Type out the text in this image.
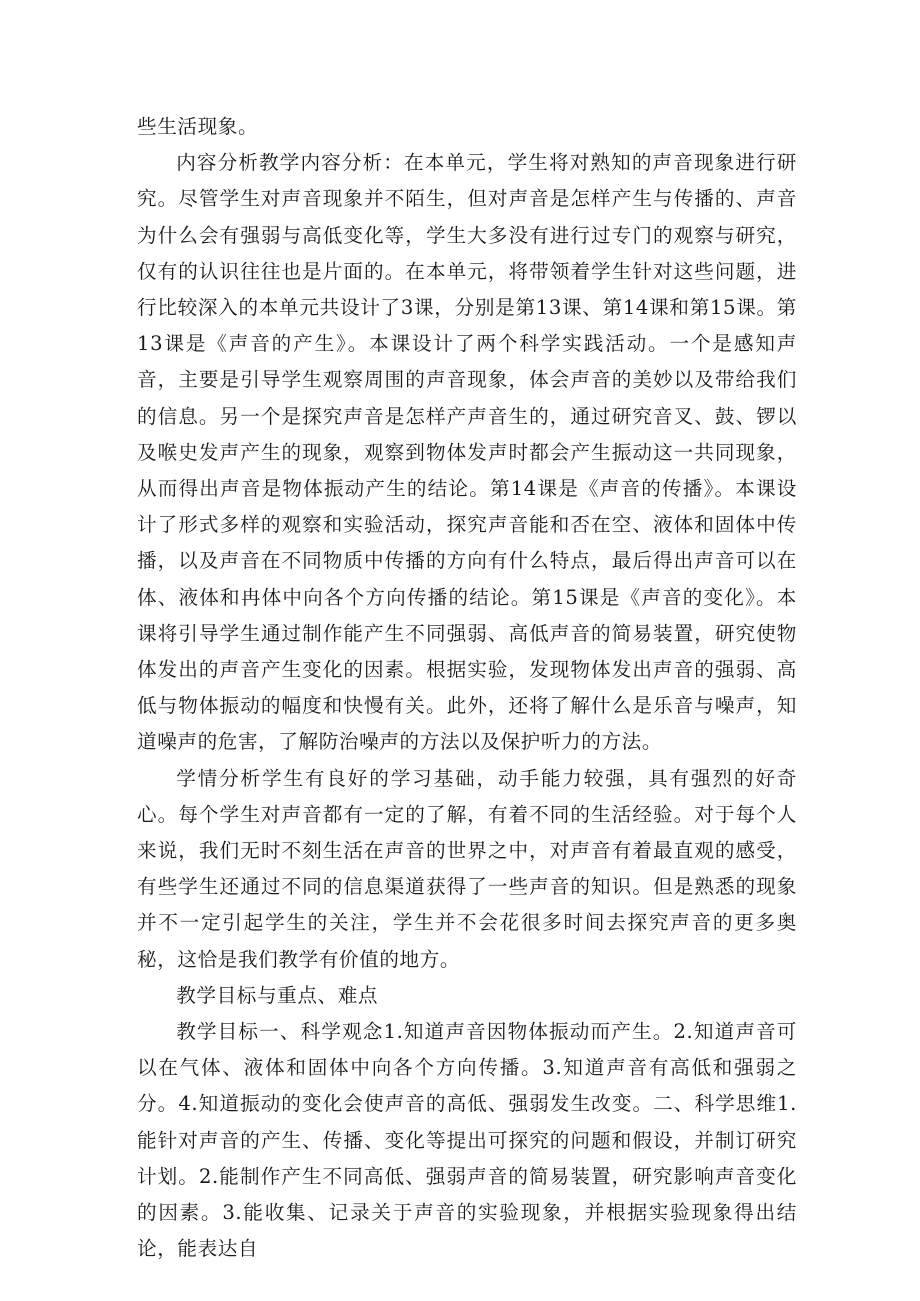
些生活现象。

内容分析教学内容分析：在本单元，学生将对熟知的声音现象进行研究。尽管学生对声音现象并不陌生，但对声音是怎样产生与传播的、声音为什么会有强弱与高低变化等，学生大多没有进行过专门的观察与研究，仅有的认识往往也是片面的。在本单元，将带领着学生针对这些问题，进行比较深入的本单元共设计了3课，分别是第13课、第14课和第15课。第13课是《声音的产生》。本课设计了两个科学实践活动。一个是感知声音，主要是引导学生观察周围的声音现象，体会声音的美妙以及带给我们的信息。另一个是探究声音是怎样产声音生的，通过研究音叉、鼓、锣以及喉史发声产生的现象，观察到物体发声时都会产生振动这一共同现象，从而得出声音是物体振动产生的结论。第14课是《声音的传播》。本课设计了形式多样的观察和实验活动，探究声音能和否在空、液体和固体中传播，以及声音在不同物质中传播的方向有什么特点，最后得出声音可以在体、液体和冉体中向各个方向传播的结论。第15课是《声音的变化》。本课将引导学生通过制作能产生不同强弱、高低声音的简易装置，研究使物体发出的声音产生变化的因素。根据实验，发现物体发出声音的强弱、高低与物体振动的幅度和快慢有关。此外，还将了解什么是乐音与噪声，知道噪声的危害，了解防治噪声的方法以及保护听力的方法。

学情分析学生有良好的学习基础，动手能力较强，具有强烈的好奇心。每个学生对声音都有一定的了解，有着不同的生活经验。对于每个人来说，我们无时不刻生活在声音的世界之中，对声音有着最直观的感受，有些学生还通过不同的信息渠道获得了一些声音的知识。但是熟悉的现象并不一定引起学生的关注，学生并不会花很多时间去探究声音的更多奥秘，这恰是我们教学有价值的地方。

教学目标与重点、难点

教学目标一、科学观念1.知道声音因物体振动而产生。2.知道声音可以在气体、液体和固体中向各个方向传播。3.知道声音有高低和强弱之分。4.知道振动的变化会使声音的高低、强弱发生改变。二、科学思维1.能针对声音的产生、传播、变化等提出可探究的问题和假设，并制订研究计划。2.能制作产生不同高低、强弱声音的简易装置，研究影响声音变化的因素。3.能收集、记录关于声音的实验现象，并根据实验现象得出结论，能表达自
